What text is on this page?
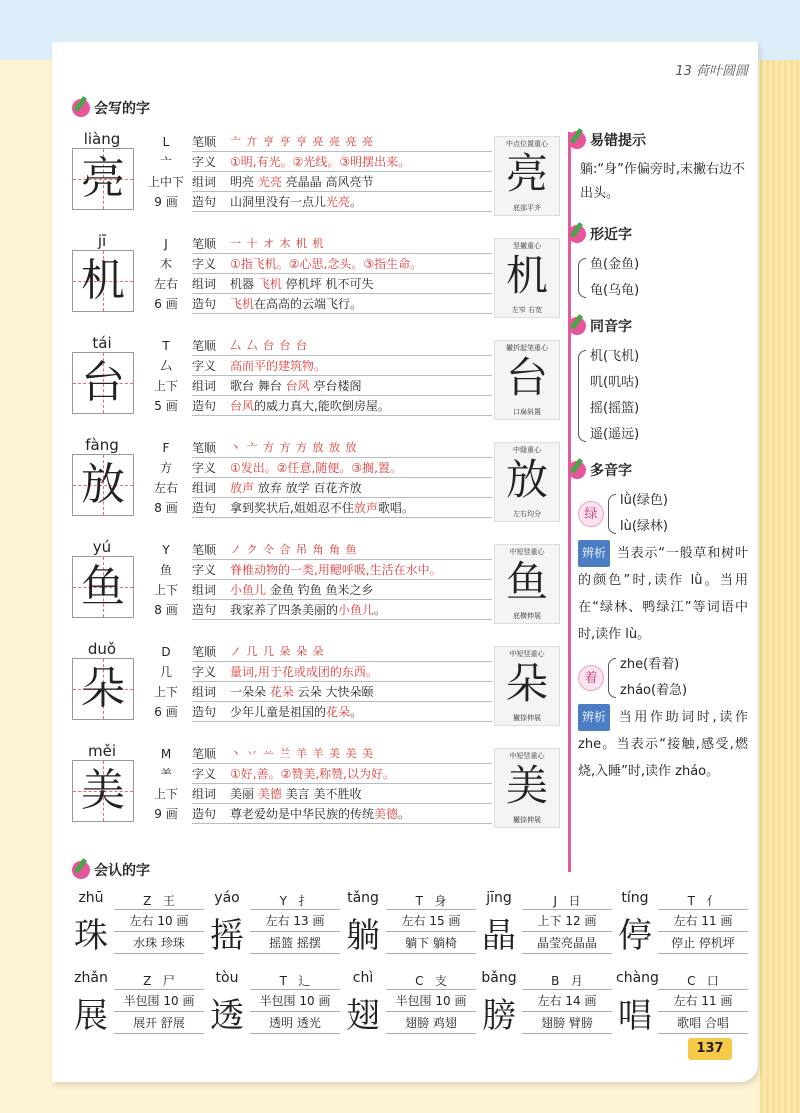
13 荷叶圆圆
会写的字
liàng
亮
L
亠
上中下
9 画
笔顺	亠 亣 亨 亨 亨 亮 亮 亮 亮
字义	①明,有光。②光线。③明摆出来。
组词	明亮 光亮 亮晶晶 高风亮节
造句	山洞里没有一点儿光亮。
中点位置重心
亮
底部平齐
jī
机
J
木
左右
6 画
笔顺	一 十 オ 木 机 机
字义	①指飞机。②心思,念头。③指生命。
组词	机器 飞机 停机坪 机不可失
造句	飞机在高高的云端飞行。
竖撇重心
机
左窄 右宽
tái
台
T
厶
上下
5 画
笔顺	厶 厶 台 台 台
字义	高而平的建筑物。
组词	歌台 舞台 台风 亭台楼阁
造句	台风的威力真大,能吹倒房屋。
撇折起笔重心
台
口扁斜置
fàng
放
F
方
左右
8 画
笔顺	丶 亠 方 方 方 放 放 放
字义	①发出。②任意,随便。③搁,置。
组词	放声 放弃 放学 百花齐放
造句	拿到奖状后,姐姐忍不住放声歌唱。
中缝重心
放
左右均分
yú
鱼
Y
鱼
上下
8 画
笔顺	ノ ク 仒 合 吊 角 角 鱼
字义	脊椎动物的一类,用鳃呼吸,生活在水中。
组词	小鱼儿 金鱼 钓鱼 鱼米之乡
造句	我家养了四条美丽的小鱼儿。
中短竖重心
鱼
底横伸展
duǒ
朵
D
几
上下
6 画
笔顺	ノ 几 几 朵 朵 朵
字义	量词,用于花或成团的东西。
组词	一朵朵 花朵 云朵 大快朵颐
造句	少年儿童是祖国的花朵。
中短竖重心
朵
撇捺伸展
měi
美
M
⺷
上下
9 画
笔顺	丶 丷 䒑 兰 羊 羊 美 美 美
字义	①好,善。②赞美,称赞,以为好。
组词	美丽 美德 美言 美不胜收
造句	尊老爱幼是中华民族的传统美德。
中短竖重心
美
撇捺伸展
易错提示
躺:“身”作偏旁时,末撇右边不出头。
形近字
鱼(金鱼)
龟(乌龟)
同音字
机(飞机)
叽(叽咕)
摇(摇篮)
遥(遥远)
多音字
绿
lǜ(绿色)
lù(绿林)
辨析 当表示“一般草和树叶的颜色”时,读作 lǜ。当用在“绿林、鸭绿江”等词语中时,读作 lù。
着
zhe(看着)
zháo(着急)
辨析 当用作助词时,读作 zhe。当表示“接触,感受,燃烧,入睡”时,读作 zháo。
会认的字
zhū
珠
Z 王
左右 10 画
水珠 珍珠
yáo
摇
Y 扌
左右 13 画
摇篮 摇摆
tǎng
躺
T 身
左右 15 画
躺下 躺椅
jīng
晶
J 日
上下 12 画
晶莹亮晶晶
tíng
停
T 亻
左右 11 画
停止 停机坪
zhǎn
展
Z 尸
半包围 10 画
展开 舒展
tòu
透
T 辶
半包围 10 画
透明 透光
chì
翅
C 支
半包围 10 画
翅膀 鸡翅
bǎng
膀
B 月
左右 14 画
翅膀 臂膀
chàng
唱
C 口
左右 11 画
歌唱 合唱
137
